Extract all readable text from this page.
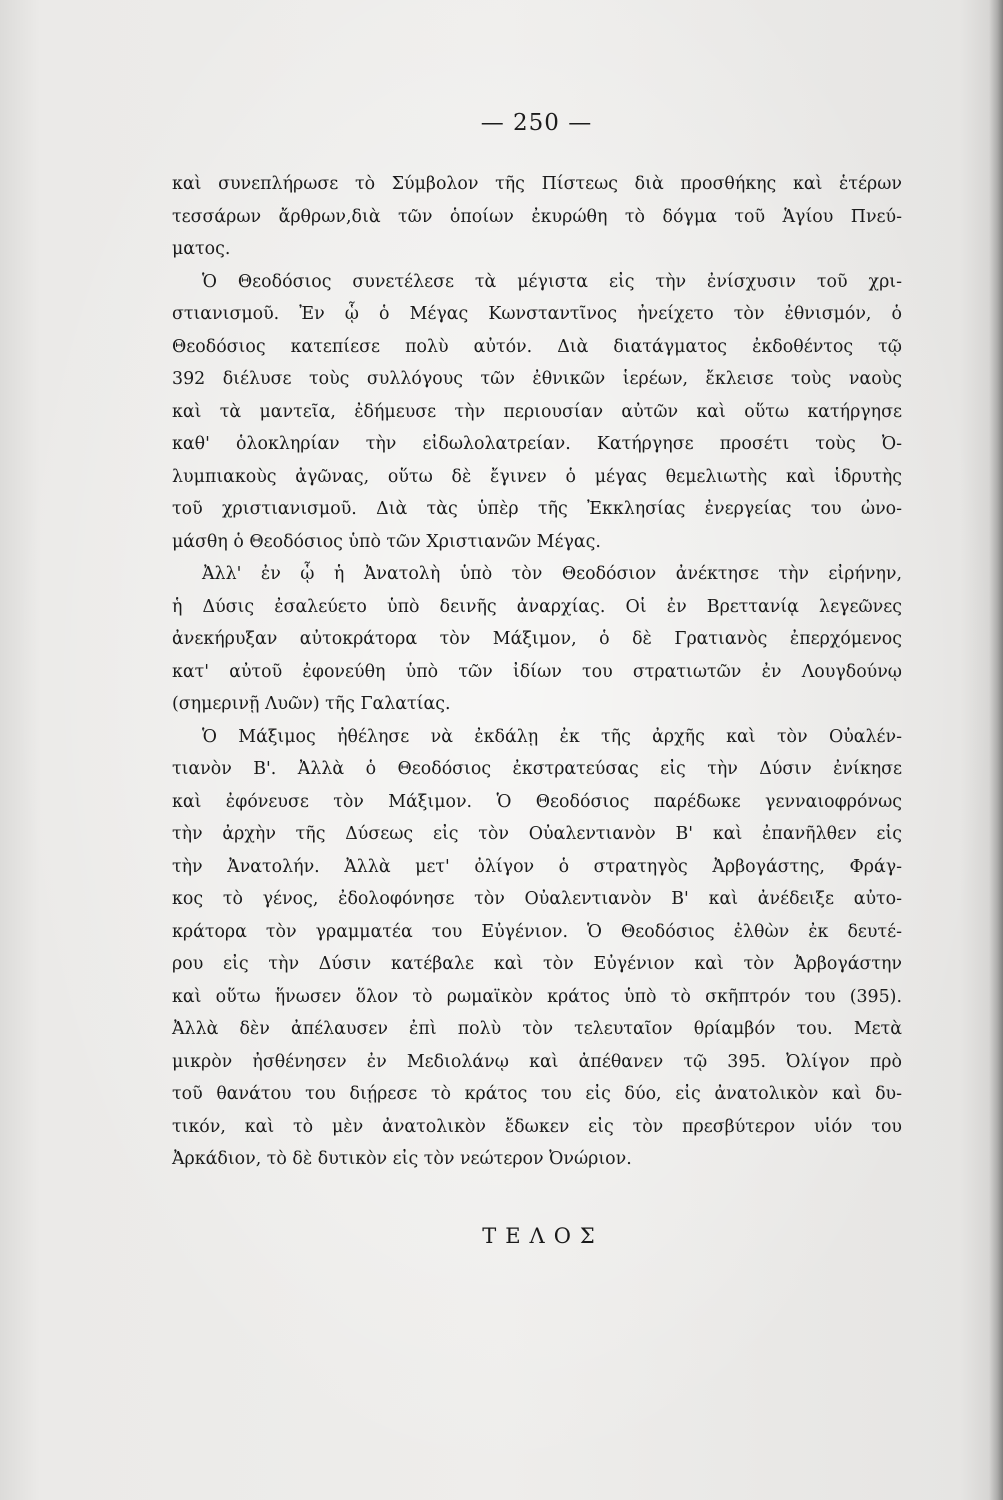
— 250 —
καὶ συνεπλήρωσε τὸ Σύμβολον τῆς Πίστεως διὰ προσθήκης καὶ ἑτέρων
τεσσάρων ἄρθρων,διὰ τῶν ὁποίων ἐκυρώθη τὸ δόγμα τοῦ Ἁγίου Πνεύ-
ματος.
Ὁ Θεοδόσιος συνετέλεσε τὰ μέγιστα εἰς τὴν ἐνίσχυσιν τοῦ χρι-
στιανισμοῦ. Ἐν ᾧ ὁ Μέγας Κωνσταντῖνος ἠνείχετο τὸν ἐθνισμόν, ὁ
Θεοδόσιος κατεπίεσε πολὺ αὐτόν. Διὰ διατάγματος ἐκδοθέντος τῷ
392 διέλυσε τοὺς συλλόγους τῶν ἐθνικῶν ἱερέων, ἔκλεισε τοὺς ναοὺς
καὶ τὰ μαντεῖα, ἐδήμευσε τὴν περιουσίαν αὐτῶν καὶ οὕτω κατήργησε
καθ' ὁλοκληρίαν τὴν εἰδωλολατρείαν. Κατήργησε προσέτι τοὺς Ὀ-
λυμπιακοὺς ἀγῶνας, οὕτω δὲ ἔγινεν ὁ μέγας θεμελιωτὴς καὶ ἱδρυτὴς
τοῦ χριστιανισμοῦ. Διὰ τὰς ὑπὲρ τῆς Ἐκκλησίας ἐνεργείας του ὠνο-
μάσθη ὁ Θεοδόσιος ὑπὸ τῶν Χριστιανῶν Μέγας.
Ἀλλ' ἐν ᾧ ἡ Ἀνατολὴ ὑπὸ τὸν Θεοδόσιον ἀνέκτησε τὴν εἰρήνην,
ἡ Δύσις ἐσαλεύετο ὑπὸ δεινῆς ἀναρχίας. Οἱ ἐν Βρεττανίᾳ λεγεῶνες
ἀνεκήρυξαν αὐτοκράτορα τὸν Μάξιμον, ὁ δὲ Γρατιανὸς ἐπερχόμενος
κατ' αὐτοῦ ἐφονεύθη ὑπὸ τῶν ἰδίων του στρατιωτῶν ἐν Λουγδούνῳ
(σημερινῇ Λυῶν) τῆς Γαλατίας.
Ὁ Μάξιμος ἠθέλησε νὰ ἐκδάλῃ ἐκ τῆς ἀρχῆς καὶ τὸν Οὐαλέν-
τιανὸν Β'. Ἀλλὰ ὁ Θεοδόσιος ἐκστρατεύσας εἰς τὴν Δύσιν ἐνίκησε
καὶ ἐφόνευσε τὸν Μάξιμον. Ὁ Θεοδόσιος παρέδωκε γενναιοφρόνως
τὴν ἀρχὴν τῆς Δύσεως εἰς τὸν Οὐαλεντιανὸν Β' καὶ ἐπανῆλθεν εἰς
τὴν Ἀνατολήν. Ἀλλὰ μετ' ὀλίγον ὁ στρατηγὸς Ἀρβογάστης, Φράγ-
κος τὸ γένος, ἐδολοφόνησε τὸν Οὐαλεντιανὸν Β' καὶ ἀνέδειξε αὐτο-
κράτορα τὸν γραμματέα του Εὐγένιον. Ὁ Θεοδόσιος ἐλθὼν ἐκ δευτέ-
ρου εἰς τὴν Δύσιν κατέβαλε καὶ τὸν Εὐγένιον καὶ τὸν Ἀρβογάστην
καὶ οὕτω ἥνωσεν ὅλον τὸ ρωμαϊκὸν κράτος ὑπὸ τὸ σκῆπτρόν του (395).
Ἀλλὰ δὲν ἀπέλαυσεν ἐπὶ πολὺ τὸν τελευταῖον θρίαμβόν του. Μετὰ
μικρὸν ἠσθένησεν ἐν Μεδιολάνῳ καὶ ἀπέθανεν τῷ 395. Ὀλίγον πρὸ
τοῦ θανάτου του διῄρεσε τὸ κράτος του εἰς δύο, εἰς ἀνατολικὸν καὶ δυ-
τικόν, καὶ τὸ μὲν ἀνατολικὸν ἔδωκεν εἰς τὸν πρεσβύτερον υἱόν του
Ἀρκάδιον, τὸ δὲ δυτικὸν εἰς τὸν νεώτερον Ὀνώριον.
ΤΕΛΟΣ
